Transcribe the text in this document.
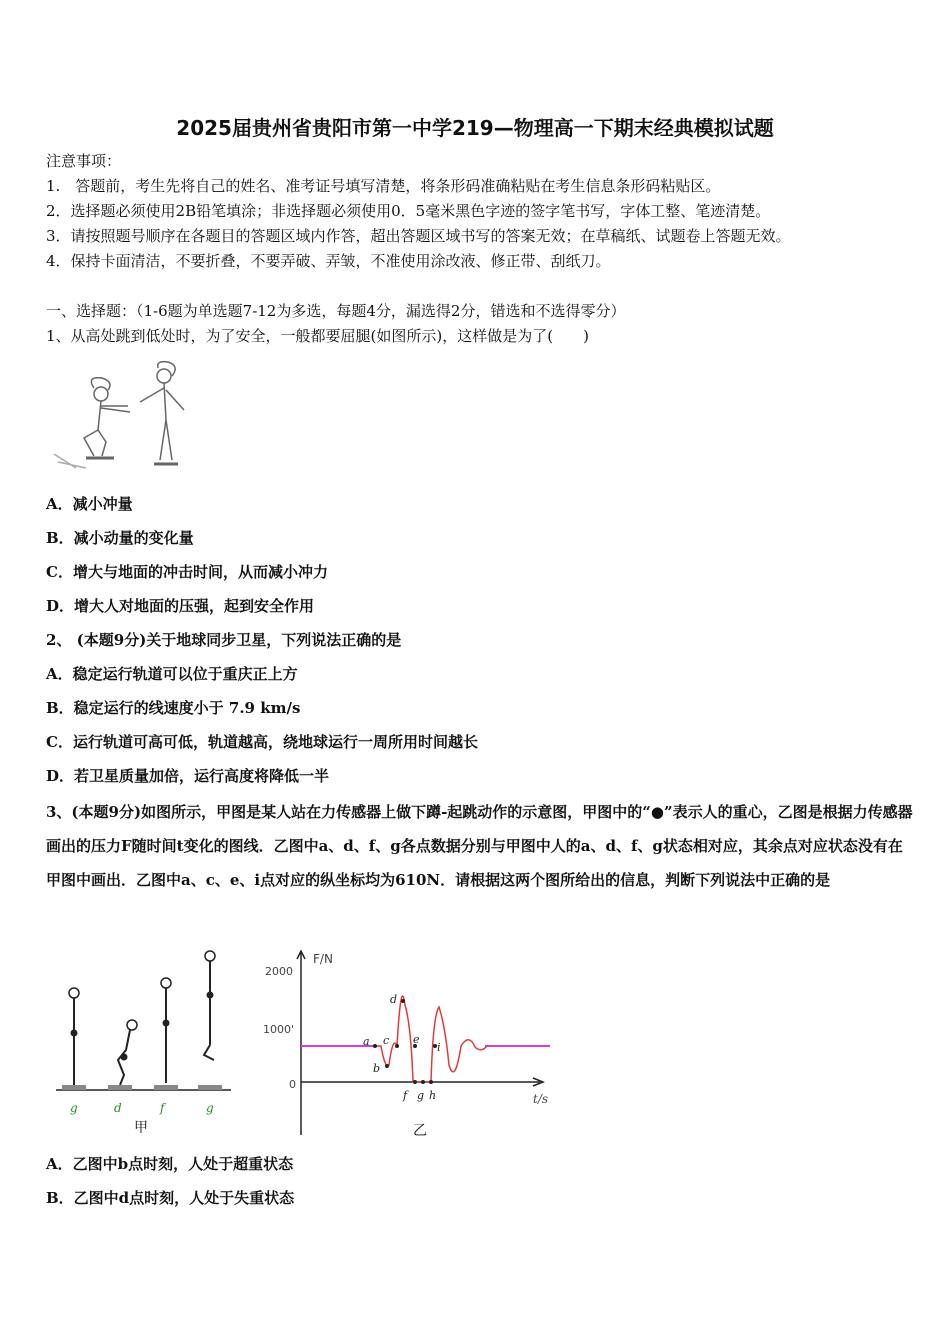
2025届贵州省贵阳市第一中学219—物理高一下期末经典模拟试题
注意事项：
1.　答题前，考生先将自己的姓名、准考证号填写清楚，将条形码准确粘贴在考生信息条形码粘贴区。
2．选择题必须使用2B铅笔填涂；非选择题必须使用0．5毫米黑色字迹的签字笔书写，字体工整、笔迹清楚。
3．请按照题号顺序在各题目的答题区域内作答，超出答题区域书写的答案无效；在草稿纸、试题卷上答题无效。
4．保持卡面清洁，不要折叠，不要弄破、弄皱，不准使用涂改液、修正带、刮纸刀。
一、选择题：（1-6题为单选题7-12为多选，每题4分，漏选得2分，错选和不选得零分）
1、从高处跳到低处时，为了安全，一般都要屈腿(如图所示)，这样做是为了(　　)
A．减小冲量
B．减小动量的变化量
C．增大与地面的冲击时间，从而减小冲力
D．增大人对地面的压强，起到安全作用
2、 (本题9分)关于地球同步卫星，下列说法正确的是
A．稳定运行轨道可以位于重庆正上方
B．稳定运行的线速度小于 7.9 km/s
C．运行轨道可高可低，轨道越高，绕地球运行一周所用时间越长
D．若卫星质量加倍，运行高度将降低一半
3、(本题9分)如图所示，甲图是某人站在力传感器上做下蹲-起跳动作的示意图，甲图中的“●”表示人的重心，乙图是根据力传感器画出的压力F随时间t变化的图线．乙图中a、d、f、g各点数据分别与甲图中人的a、d、f、g状态相对应，其余点对应状态没有在甲图中画出．乙图中a、c、e、i点对应的纵坐标均为610N．请根据这两个图所给出的信息，判断下列说法中正确的是
g	d	f	g
甲
F/N
2000
1000'
0
t/s
a
b
c
d
e
f g h
i
乙
A．乙图中b点时刻，人处于超重状态
B．乙图中d点时刻，人处于失重状态
